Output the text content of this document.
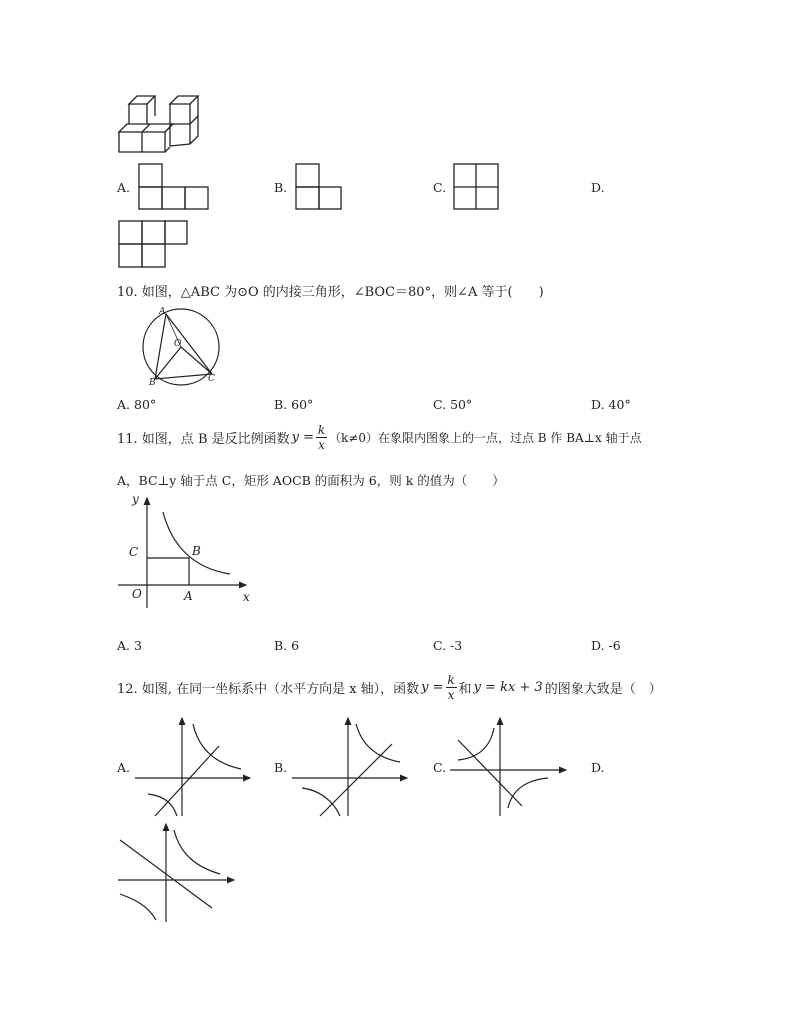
A.	B.	C.	D.
10. 如图，△ABC 为⊙O 的内接三角形，∠BOC＝80°，则∠A 等于(　　)
A
O
B	C
A. 80°	B. 60°	C. 50°	D. 40°
11. 如图，点 B 是反比例函数 $y = \frac{k}{x} (k\ne 0)$在象限内图象上的一点，过点 B 作 BA⊥x 轴于点
A，BC⊥y 轴于点 C，矩形 AOCB 的面积为 6，则 k 的值为（　　）
y
x
C	B
O	A
A. 3	B. 6	C. -3	D. -6
12. 如图, 在同一坐标系中（水平方向是 x 轴），函数 $y = \frac{k}{x}$ 和 y = kx + 3 的图象大致是（　）
A.	B.	C.	D.
